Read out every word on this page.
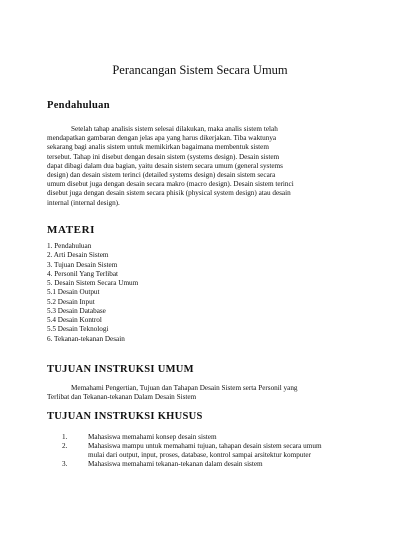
Perancangan Sistem Secara Umum
Pendahuluan
Setelah tahap analisis sistem selesai dilakukan, maka analis sistem telah
mendapatkan gambaran dengan jelas apa yang harus dikerjakan. Tiba waktunya
sekarang bagi analis sistem untuk memikirkan bagaimana membentuk sistem
tersebut. Tahap ini disebut dengan desain sistem (systems design). Desain sistem
dapat dibagi dalam dua bagian, yaitu desain sistem secara umum (general systems
design) dan desain sistem terinci (detailed systems design) desain sistem secara
umum disebut juga dengan desain secara makro (macro design). Desain sistem terinci
disebut juga dengan desain sistem secara phisik (physical system design) atau desain
internal (internal design).
MATERI
1. Pendahuluan
2. Arti Desain Sistem
3. Tujuan Desain Sistem
4. Personil Yang Terlibat
5. Desain Sistem Secara Umum
5.1 Desain Output
5.2 Desain Input
5.3 Desain Database
5.4 Desain Kontrol
5.5 Desain Teknologi
6. Tekanan-tekanan Desain
TUJUAN INSTRUKSI UMUM
Memahami Pengertian, Tujuan dan Tahapan Desain Sistem serta Personil yang
Terlibat dan Tekanan-tekanan Dalam Desain Sistem
TUJUAN INSTRUKSI KHUSUS
1.	Mahasiswa memahami konsep desain sistem
2.	Mahasiswa mampu untuk memahami tujuan, tahapan desain sistem secara umum
mulai dari output, input, proses, database, kontrol sampai arsitektur komputer
3.	Mahasiswa memahami tekanan-tekanan dalam desain sistem
